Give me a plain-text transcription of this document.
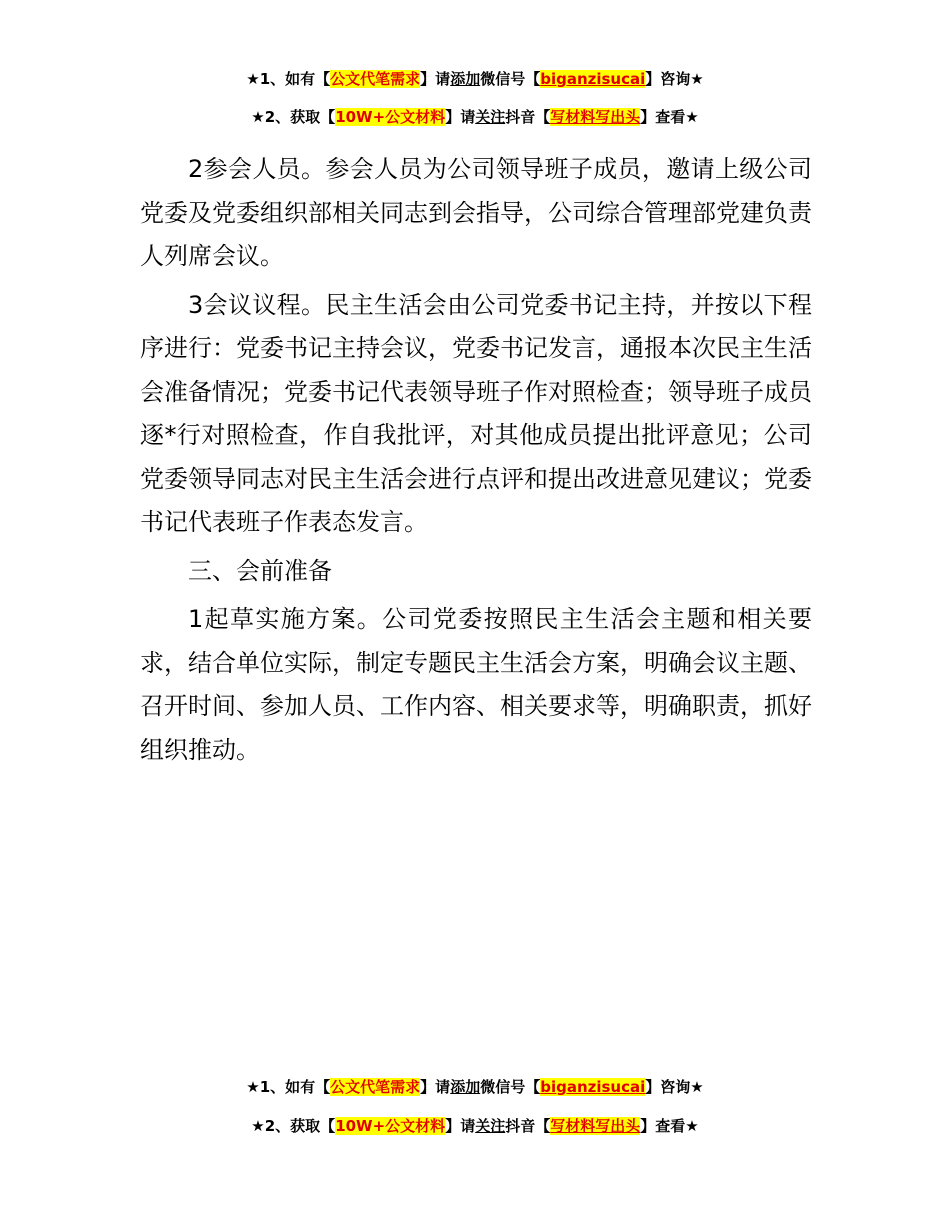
★1、如有【公文代笔需求】请添加微信号【biganzisucai】咨询★
★2、获取【10W+公文材料】请关注抖音【写材料写出头】查看★

2参会人员。参会人员为公司领导班子成员，邀请上级公司党委及党委组织部相关同志到会指导，公司综合管理部党建负责人列席会议。

3会议议程。民主生活会由公司党委书记主持，并按以下程序进行：党委书记主持会议，党委书记发言，通报本次民主生活会准备情况；党委书记代表领导班子作对照检查；领导班子成员逐*行对照检查，作自我批评，对其他成员提出批评意见；公司党委领导同志对民主生活会进行点评和提出改进意见建议；党委书记代表班子作表态发言。

三、会前准备

1起草实施方案。公司党委按照民主生活会主题和相关要求，结合单位实际，制定专题民主生活会方案，明确会议主题、召开时间、参加人员、工作内容、相关要求等，明确职责，抓好组织推动。

★1、如有【公文代笔需求】请添加微信号【biganzisucai】咨询★
★2、获取【10W+公文材料】请关注抖音【写材料写出头】查看★
